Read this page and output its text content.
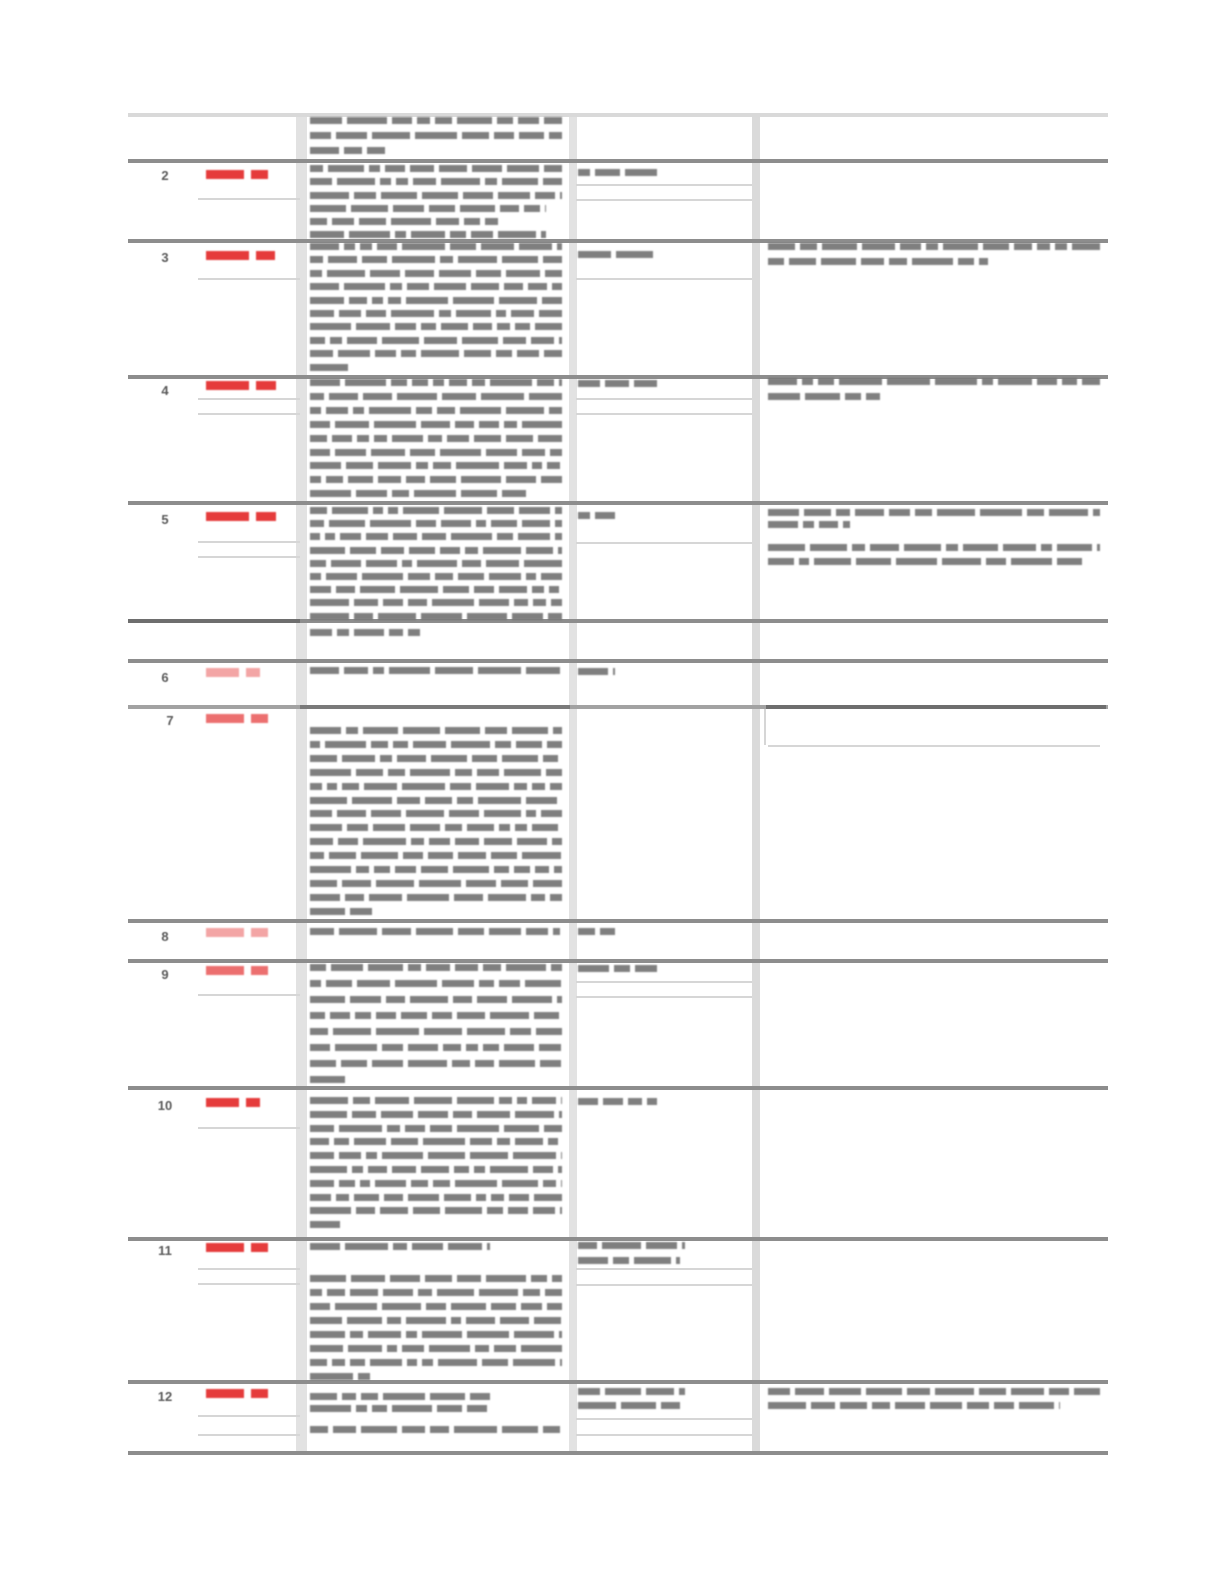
2
3
4
5
6
7
8
9
10
11
12
